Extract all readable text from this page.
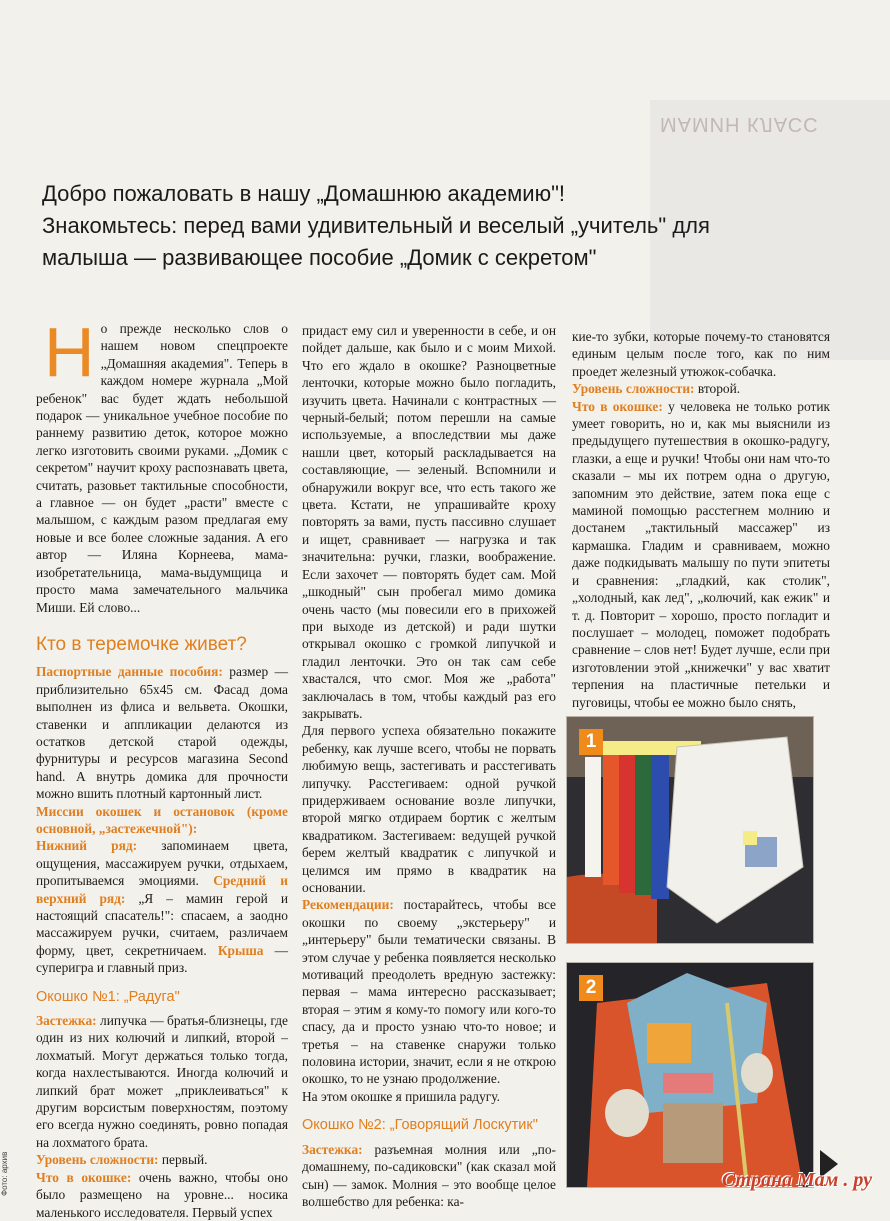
МАМИН КЛАСС
Добро пожаловать в нашу „Домашнюю академию"!
Знакомьтесь: перед вами удивительный и веселый „учитель" для
малыша — развивающее пособие „Домик с секретом"

Но прежде несколько слов о нашем новом спецпроекте „Домашняя академия". Теперь в каждом номере журнала „Мой ребенок" вас будет ждать небольшой подарок — уникальное учебное пособие по раннему развитию деток, которое можно легко изготовить своими руками. „Домик с секретом" научит кроху распознавать цвета, считать, разовьет тактильные способности, а главное — он будет „расти" вместе с малышом, с каждым разом предлагая ему новые и все более сложные задания. А его автор — Иляна Корнеева, мама-изобретательница, мама-выдумщица и просто мама замечательного мальчика Миши. Ей слово...

Кто в теремочке живет?

Паспортные данные пособия: размер — приблизительно 65х45 см. Фасад дома выполнен из флиса и вельвета. Окошки, ставенки и аппликации делаются из остатков детской старой одежды, фурнитуры и ресурсов магазина Second hand. А внутрь домика для прочности можно вшить плотный картонный лист.

Миссии окошек и остановок (кроме основной, „застежечной"):

Нижний ряд: запоминаем цвета, ощущения, массажируем ручки, отдыхаем, пропитываемся эмоциями. Средний и верхний ряд: „Я – мамин герой и настоящий спасатель!": спасаем, а заодно массажируем ручки, считаем, различаем форму, цвет, секретничаем. Крыша — суперигра и главный приз.

Окошко №1: „Радуга"

Застежка: липучка — братья-близнецы, где один из них колючий и липкий, второй – лохматый. Могут держаться только тогда, когда нахлестываются. Иногда колючий и липкий брат может „приклеиваться" к другим ворсистым поверхностям, поэтому его всегда нужно соединять, ровно попадая на лохматого брата.

Уровень сложности: первый.

Что в окошке: очень важно, чтобы оно было размещено на уровне... носика маленького исследователя. Первый успех

придаст ему сил и уверенности в себе, и он пойдет дальше, как было и с моим Михой. Что его ждало в окошке? Разноцветные ленточки, которые можно было погладить, изучить цвета. Начинали с контрастных — черный-белый; потом перешли на самые используемые, а впоследствии мы даже нашли цвет, который раскладывается на составляющие, — зеленый. Вспомнили и обнаружили вокруг все, что есть такого же цвета. Кстати, не упрашивайте кроху повторять за вами, пусть пассивно слушает и ищет, сравнивает — нагрузка и так значительна: ручки, глазки, воображение. Если захочет — повторять будет сам. Мой „шкодный" сын пробегал мимо домика очень часто (мы повесили его в прихожей при выходе из детской) и ради шутки открывал окошко с громкой липучкой и гладил ленточки. Это он так сам себе хвастался, что смог. Моя же „работа" заключалась в том, чтобы каждый раз его закрывать.

Для первого успеха обязательно покажите ребенку, как лучше всего, чтобы не порвать любимую вещь, застегивать и расстегивать липучку. Расстегиваем: одной ручкой придерживаем основание возле липучки, второй мягко отдираем бортик с желтым квадратиком. Застегиваем: ведущей ручкой берем желтый квадратик с липучкой и целимся им прямо в квадратик на основании.

Рекомендации: постарайтесь, чтобы все окошки по своему „экстерьеру" и „интерьеру" были тематически связаны. В этом случае у ребенка появляется несколько мотиваций преодолеть вредную застежку: первая – мама интересно рассказывает; вторая – этим я кому-то помогу или кого-то спасу, да и просто узнаю что-то новое; и третья – на ставенке снаружи только половина истории, значит, если я не открою окошко, то не узнаю продолжение.

На этом окошке я пришила радугу.

Окошко №2: „Говорящий Лоскутик"

Застежка: разъемная молния или „по-домашнему, по-садиковски" (как сказал мой сын) — замок. Молния – это вообще целое волшебство для ребенка: ка-

кие-то зубки, которые почему-то становятся единым целым после того, как по ним проедет железный утюжок-собачка.

Уровень сложности: второй.

Что в окошке: у человека не только ротик умеет говорить, но и, как мы выяснили из предыдущего путешествия в окошко-радугу, глазки, а еще и ручки! Чтобы они нам что-то сказали – мы их потрем одна о другую, запомним это действие, затем пока еще с маминой помощью расстегнем молнию и достанем „тактильный массажер" из кармашка. Гладим и сравниваем, можно даже подкидывать малышу по пути эпитеты и сравнения: „гладкий, как столик", „холодный, как лед", „колючий, как ежик" и т. д. Повторит – хорошо, просто погладит и послушает – молодец, поможет подобрать сравнение – слов нет! Будет лучше, если при изготовлении этой „книжечки" у вас хватит терпения на пластичные петельки и пуговицы, чтобы ее можно было снять,

1
2
Фото: архив	Страна Мам . ру
